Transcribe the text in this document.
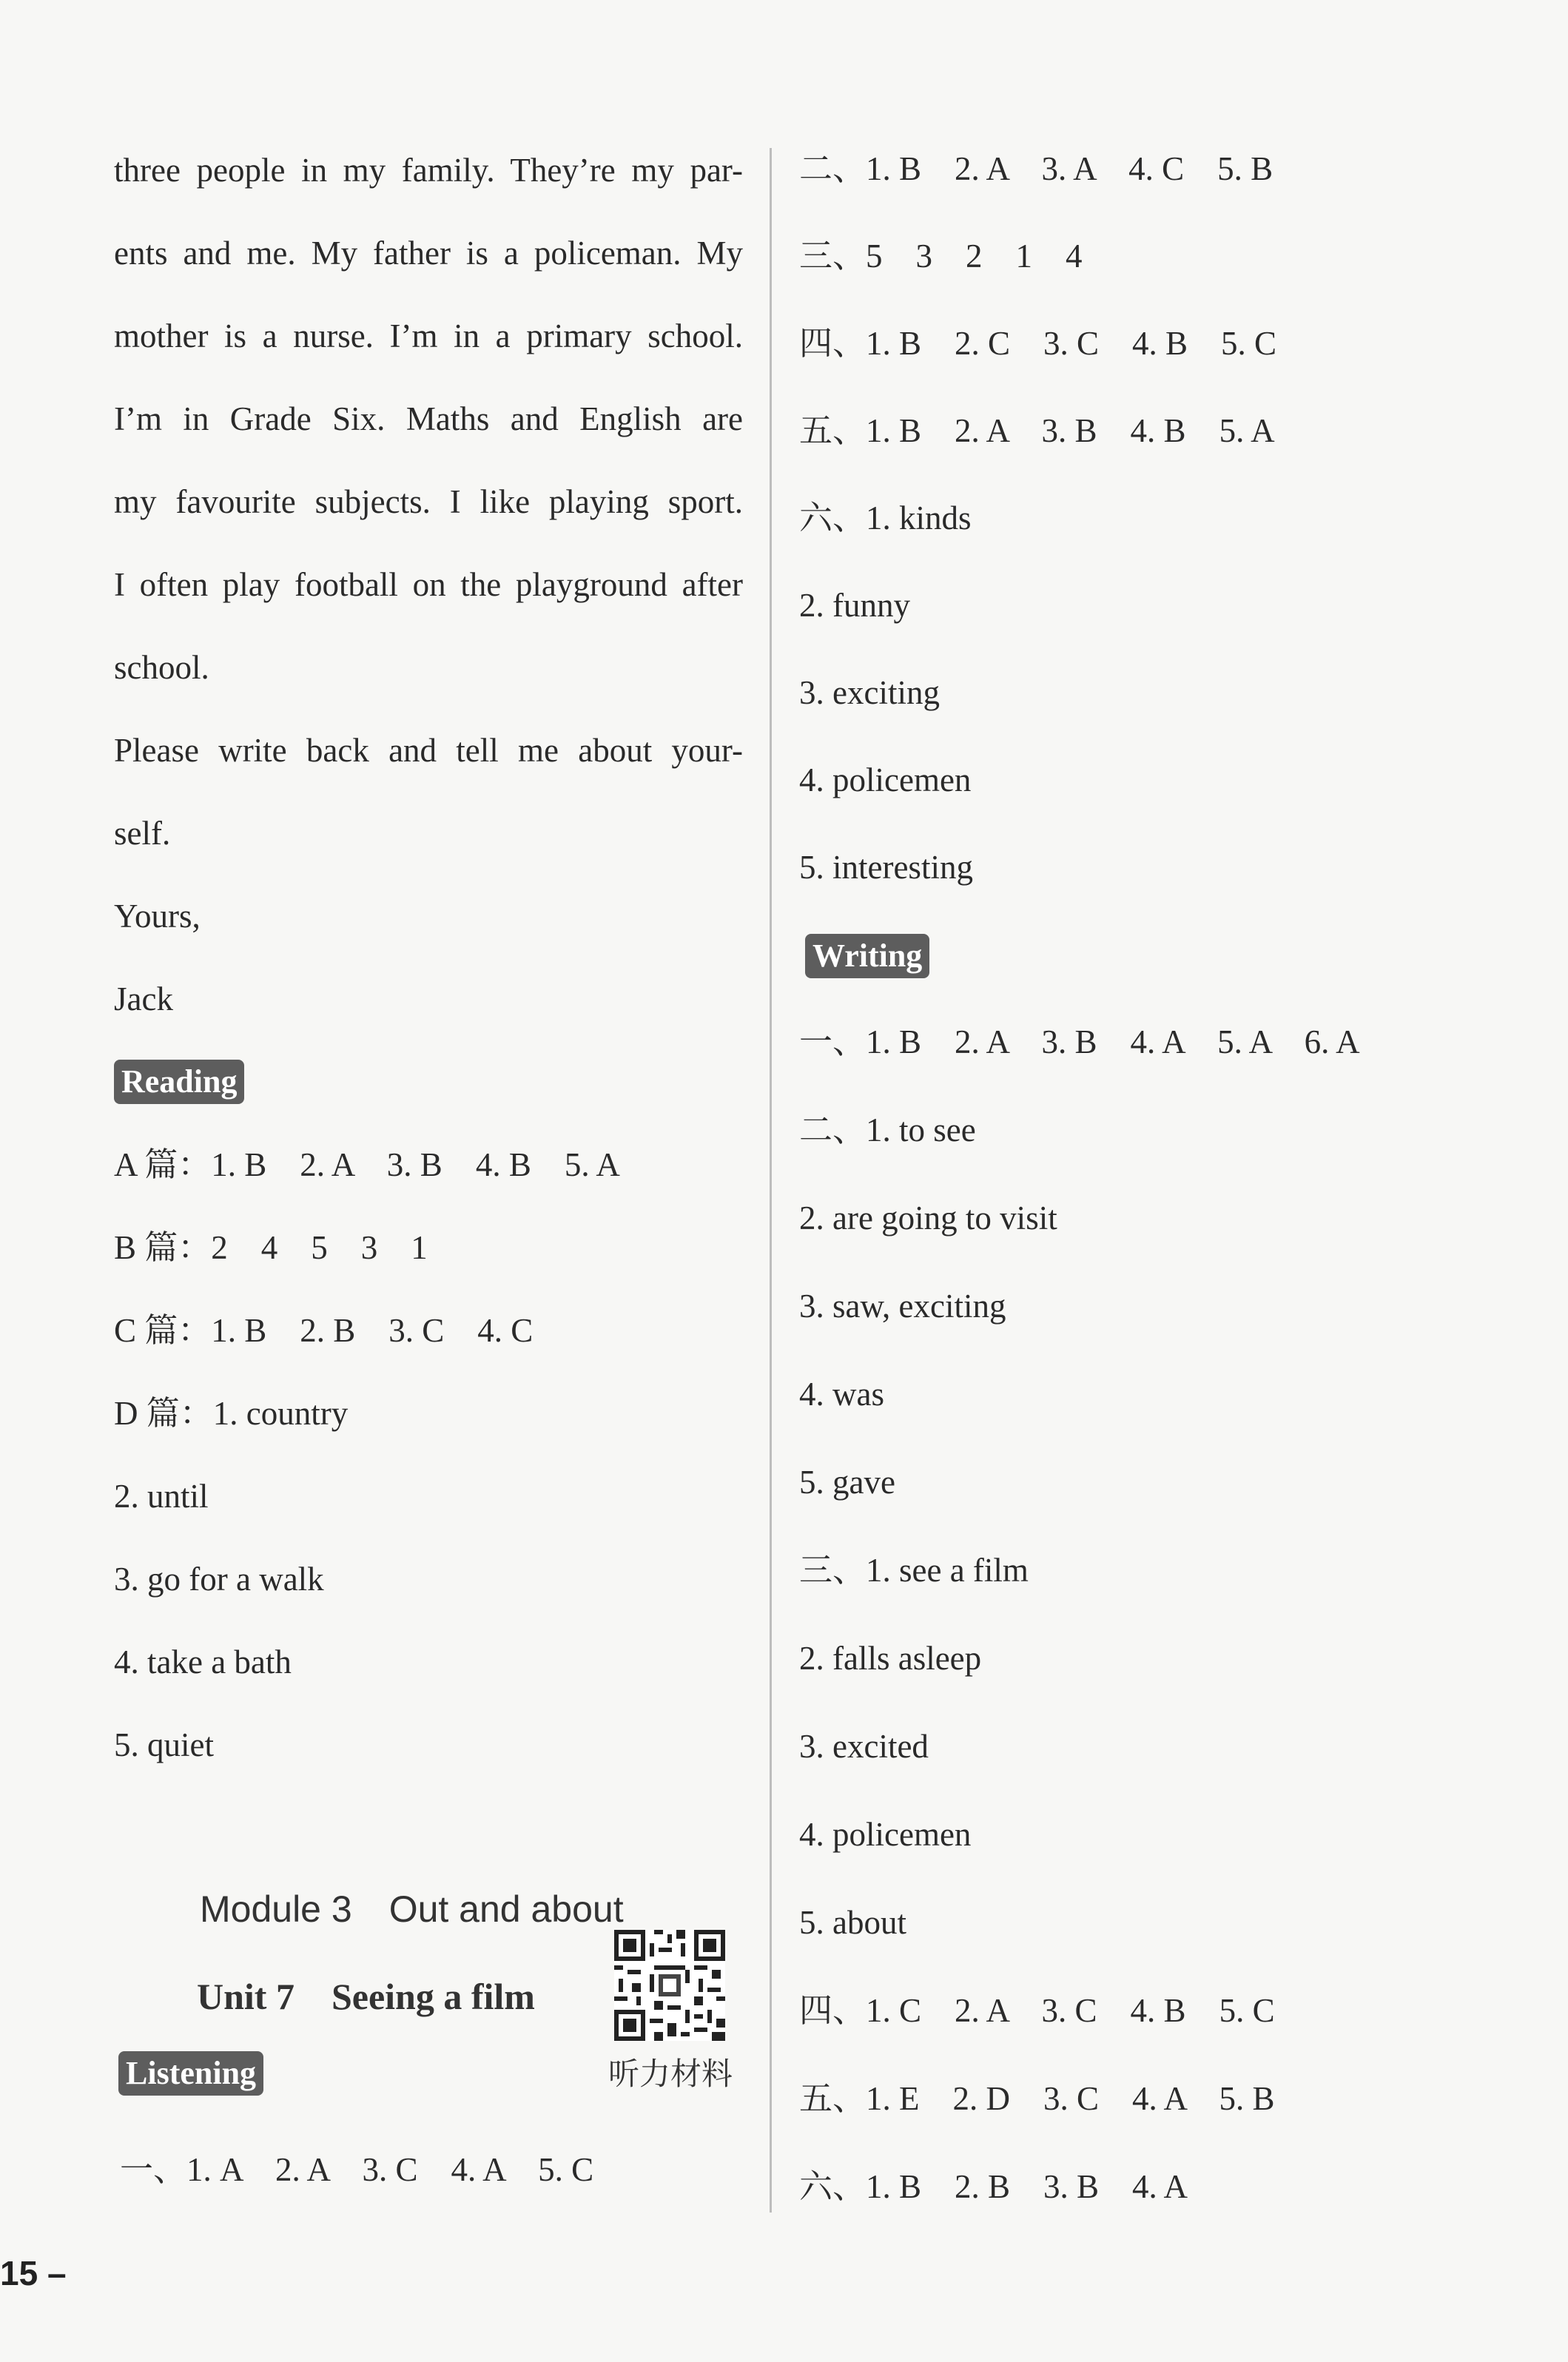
three people in my family. They’re my par-
ents and me. My father is a policeman. My
mother is a nurse. I’m in a primary school.
I’m in Grade Six. Maths and English are
my favourite subjects. I like playing sport.
I often play football on the playground after
school.
Please write back and tell me about your-
self.
Yours,
Jack
Reading
A 篇：1. B　2. A　3. B　4. B　5. A
B 篇：2　4　5　3　1
C 篇：1. B　2. B　3. C　4. C
D 篇：1. country
2. until
3. go for a walk
4. take a bath
5. quiet
Module 3　Out and about
Unit 7　Seeing a film
听力材料
Listening
一、1. A　2. A　3. C　4. A　5. C
二、1. B　2. A　3. A　4. C　5. B
三、5　3　2　1　4
四、1. B　2. C　3. C　4. B　5. C
五、1. B　2. A　3. B　4. B　5. A
六、1. kinds
2. funny
3. exciting
4. policemen
5. interesting
Writing
一、1. B　2. A　3. B　4. A　5. A　6. A
二、1. to see
2. are going to visit
3. saw, exciting
4. was
5. gave
三、1. see a film
2. falls asleep
3. excited
4. policemen
5. about
四、1. C　2. A　3. C　4. B　5. C
五、1. E　2. D　3. C　4. A　5. B
六、1. B　2. B　3. B　4. A
15 –
